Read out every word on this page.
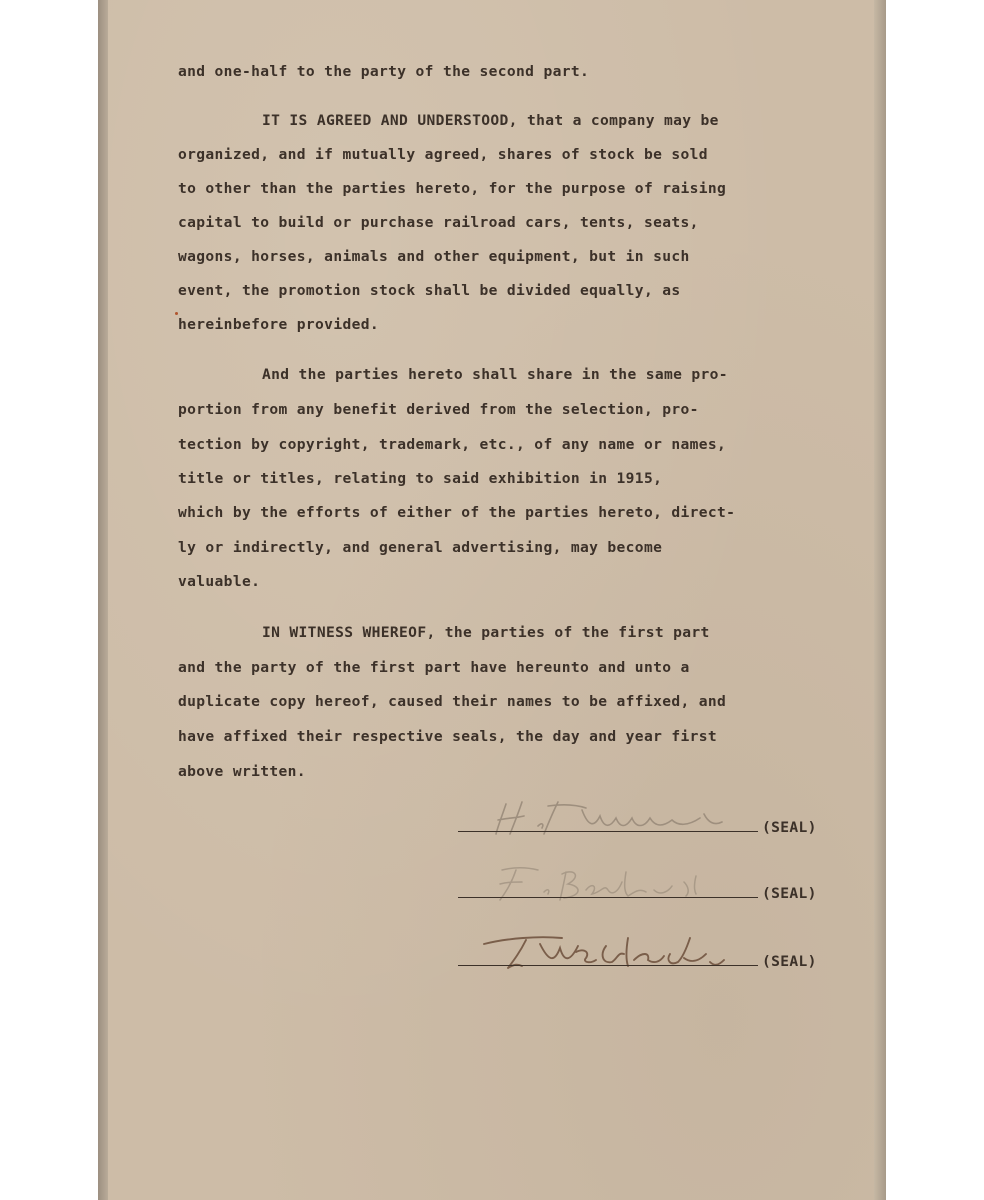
and one-half to the party of the second part.

IT IS AGREED AND UNDERSTOOD, that a company may be

organized, and if mutually agreed, shares of stock be sold

to other than the parties hereto, for the purpose of raising

capital to build or purchase railroad cars, tents, seats,

wagons, horses, animals and other equipment, but in such

event, the promotion stock shall be divided equally, as

hereinbefore provided.

And the parties hereto shall share in the same pro-

portion from any benefit derived from the selection, pro-

tection by copyright, trademark, etc., of any name or names,

title or titles, relating to said exhibition in 1915,

which by the efforts of either of the parties hereto, direct-

ly or indirectly, and general advertising, may become

valuable.

IN WITNESS WHEREOF, the parties of the first part

and the party of the first part have hereunto and unto a

duplicate copy hereof, caused their names to be affixed, and

have affixed their respective seals, the day and year first

above written.

(SEAL)
(SEAL)
(SEAL)
